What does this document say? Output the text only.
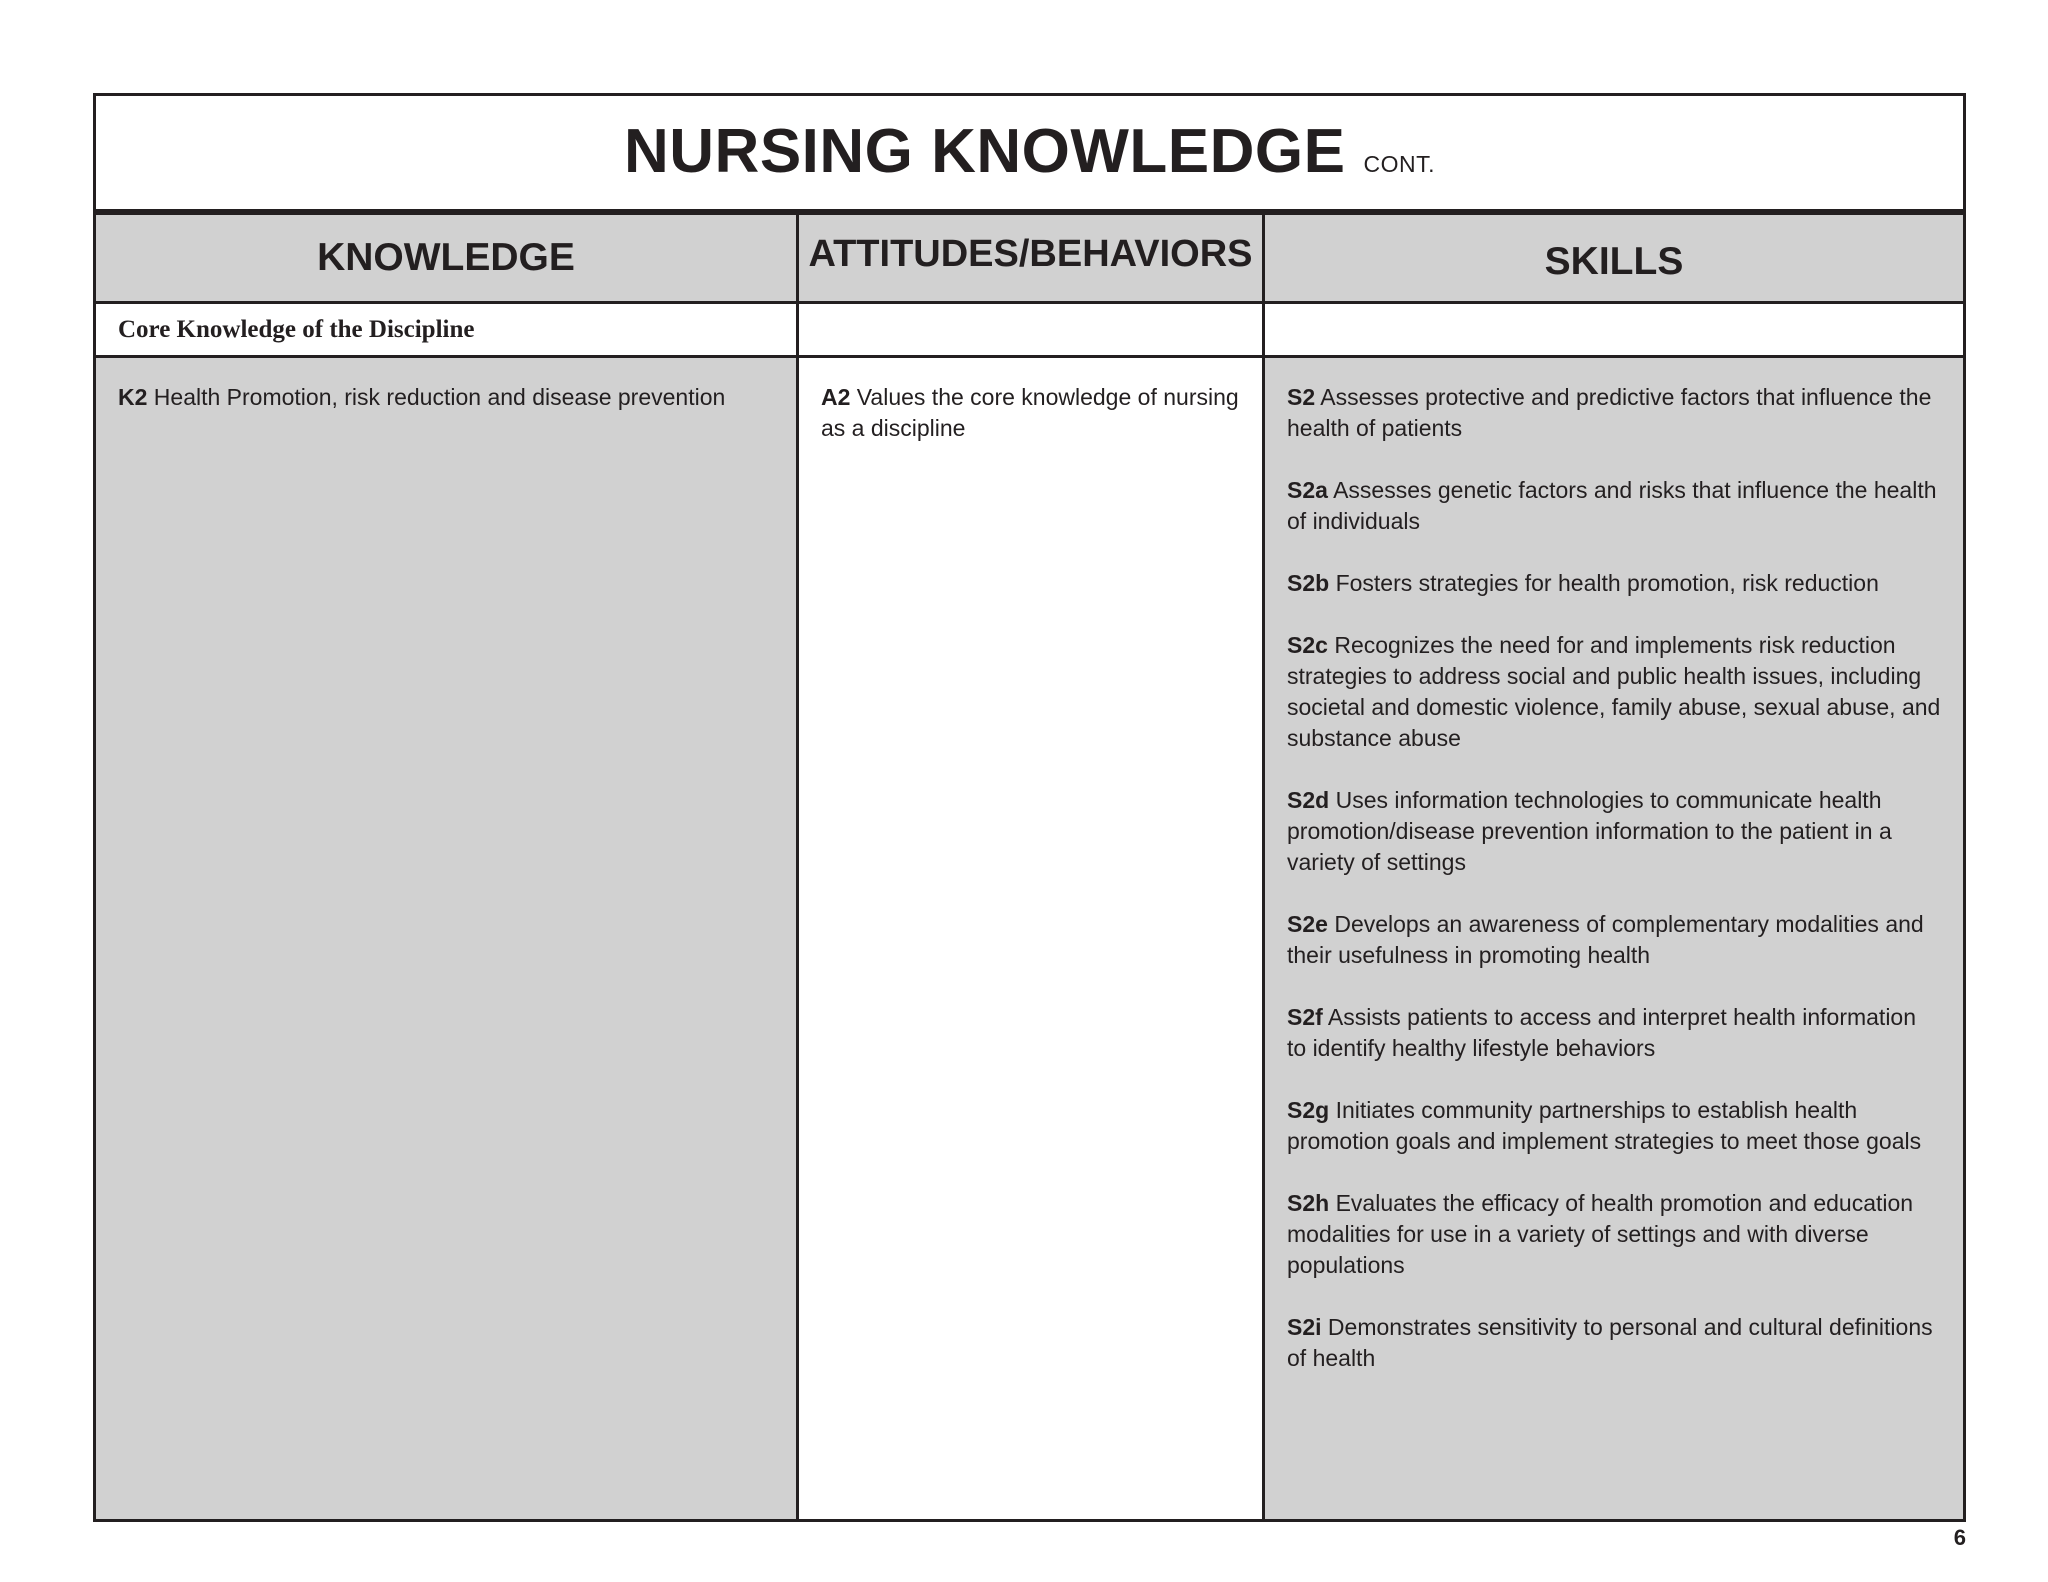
NURSING KNOWLEDGE CONT.
KNOWLEDGE
Core Knowledge of the Discipline
K2 Health Promotion, risk reduction and disease prevention
ATTITUDES/BEHAVIORS
A2 Values the core knowledge of nursing as a discipline
SKILLS
S2 Assesses protective and predictive factors that influence the health of patients
S2a Assesses genetic factors and risks that influence the health of individuals
S2b Fosters strategies for health promotion, risk reduction
S2c Recognizes the need for and implements risk reduction strategies to address social and public health issues, including societal and domestic violence, family abuse, sexual abuse, and substance abuse
S2d Uses information technologies to communicate health promotion/disease prevention information to the patient in a variety of settings
S2e Develops an awareness of complementary modalities and their usefulness in promoting health
S2f Assists patients to access and interpret health information to identify healthy lifestyle behaviors
S2g Initiates community partnerships to establish health promotion goals and implement strategies to meet those goals
S2h Evaluates the efficacy of health promotion and education modalities for use in a variety of settings and with diverse populations
S2i Demonstrates sensitivity to personal and cultural definitions of health
6
